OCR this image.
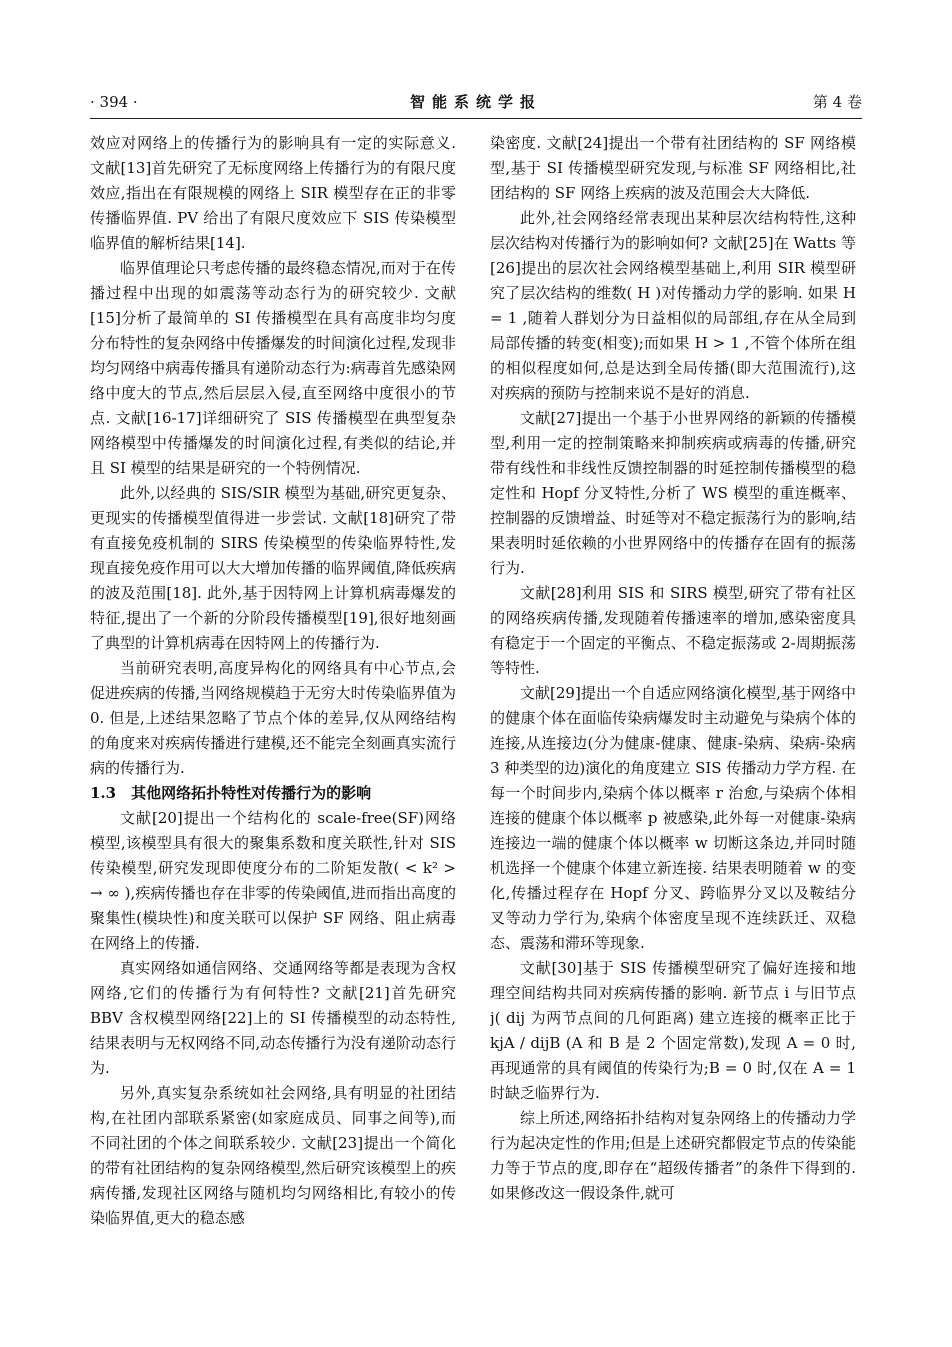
· 394 ·	智能系统学报	第 4 卷

效应对网络上的传播行为的影响具有一定的实际意义. 文献[13]首先研究了无标度网络上传播行为的有限尺度效应,指出在有限规模的网络上 SIR 模型存在正的非零传播临界值. PV 给出了有限尺度效应下 SIS 传染模型临界值的解析结果[14].

临界值理论只考虑传播的最终稳态情况,而对于在传播过程中出现的如震荡等动态行为的研究较少. 文献[15]分析了最简单的 SI 传播模型在具有高度非均匀度分布特性的复杂网络中传播爆发的时间演化过程,发现非均匀网络中病毒传播具有递阶动态行为:病毒首先感染网络中度大的节点,然后层层入侵,直至网络中度很小的节点. 文献[16-17]详细研究了 SIS 传播模型在典型复杂网络模型中传播爆发的时间演化过程,有类似的结论,并且 SI 模型的结果是研究的一个特例情况.

此外,以经典的 SIS/SIR 模型为基础,研究更复杂、更现实的传播模型值得进一步尝试. 文献[18]研究了带有直接免疫机制的 SIRS 传染模型的传染临界特性,发现直接免疫作用可以大大增加传播的临界阈值,降低疾病的波及范围[18]. 此外,基于因特网上计算机病毒爆发的特征,提出了一个新的分阶段传播模型[19],很好地刻画了典型的计算机病毒在因特网上的传播行为.

当前研究表明,高度异构化的网络具有中心节点,会促进疾病的传播,当网络规模趋于无穷大时传染临界值为 0. 但是,上述结果忽略了节点个体的差异,仅从网络结构的角度来对疾病传播进行建模,还不能完全刻画真实流行病的传播行为.

1.3　其他网络拓扑特性对传播行为的影响

文献[20]提出一个结构化的 scale-free(SF)网络模型,该模型具有很大的聚集系数和度关联性,针对 SIS 传染模型,研究发现即使度分布的二阶矩发散( < k² > → ∞ ),疾病传播也存在非零的传染阈值,进而指出高度的聚集性(模块性)和度关联可以保护 SF 网络、阻止病毒在网络上的传播.

真实网络如通信网络、交通网络等都是表现为含权网络,它们的传播行为有何特性? 文献[21]首先研究 BBV 含权模型网络[22]上的 SI 传播模型的动态特性,结果表明与无权网络不同,动态传播行为没有递阶动态行为.

另外,真实复杂系统如社会网络,具有明显的社团结构,在社团内部联系紧密(如家庭成员、同事之间等),而不同社团的个体之间联系较少. 文献[23]提出一个简化的带有社团结构的复杂网络模型,然后研究该模型上的疾病传播,发现社区网络与随机均匀网络相比,有较小的传染临界值,更大的稳态感

染密度. 文献[24]提出一个带有社团结构的 SF 网络模型,基于 SI 传播模型研究发现,与标准 SF 网络相比,社团结构的 SF 网络上疾病的波及范围会大大降低.

此外,社会网络经常表现出某种层次结构特性,这种层次结构对传播行为的影响如何? 文献[25]在 Watts 等[26]提出的层次社会网络模型基础上,利用 SIR 模型研究了层次结构的维数( H )对传播动力学的影响. 如果 H = 1 ,随着人群划分为日益相似的局部组,存在从全局到局部传播的转变(相变);而如果 H > 1 ,不管个体所在组的相似程度如何,总是达到全局传播(即大范围流行),这对疾病的预防与控制来说不是好的消息.

文献[27]提出一个基于小世界网络的新颖的传播模型,利用一定的控制策略来抑制疾病或病毒的传播,研究带有线性和非线性反馈控制器的时延控制传播模型的稳定性和 Hopf 分叉特性,分析了 WS 模型的重连概率、控制器的反馈增益、时延等对不稳定振荡行为的影响,结果表明时延依赖的小世界网络中的传播存在固有的振荡行为.

文献[28]利用 SIS 和 SIRS 模型,研究了带有社区的网络疾病传播,发现随着传播速率的增加,感染密度具有稳定于一个固定的平衡点、不稳定振荡或 2-周期振荡等特性.

文献[29]提出一个自适应网络演化模型,基于网络中的健康个体在面临传染病爆发时主动避免与染病个体的连接,从连接边(分为健康-健康、健康-染病、染病-染病 3 种类型的边)演化的角度建立 SIS 传播动力学方程. 在每一个时间步内,染病个体以概率 r 治愈,与染病个体相连接的健康个体以概率 p 被感染,此外每一对健康-染病连接边一端的健康个体以概率 w 切断这条边,并同时随机选择一个健康个体建立新连接. 结果表明随着 w 的变化,传播过程存在 Hopf 分叉、跨临界分叉以及鞍结分叉等动力学行为,染病个体密度呈现不连续跃迁、双稳态、震荡和滞环等现象.

文献[30]基于 SIS 传播模型研究了偏好连接和地理空间结构共同对疾病传播的影响. 新节点 i 与旧节点 j( dij 为两节点间的几何距离) 建立连接的概率正比于 kjA / dijB (A 和 B 是 2 个固定常数),发现 A = 0 时,再现通常的具有阈值的传染行为;B = 0 时,仅在 A = 1 时缺乏临界行为.

综上所述,网络拓扑结构对复杂网络上的传播动力学行为起决定性的作用;但是上述研究都假定节点的传染能力等于节点的度,即存在“超级传播者”的条件下得到的. 如果修改这一假设条件,就可
